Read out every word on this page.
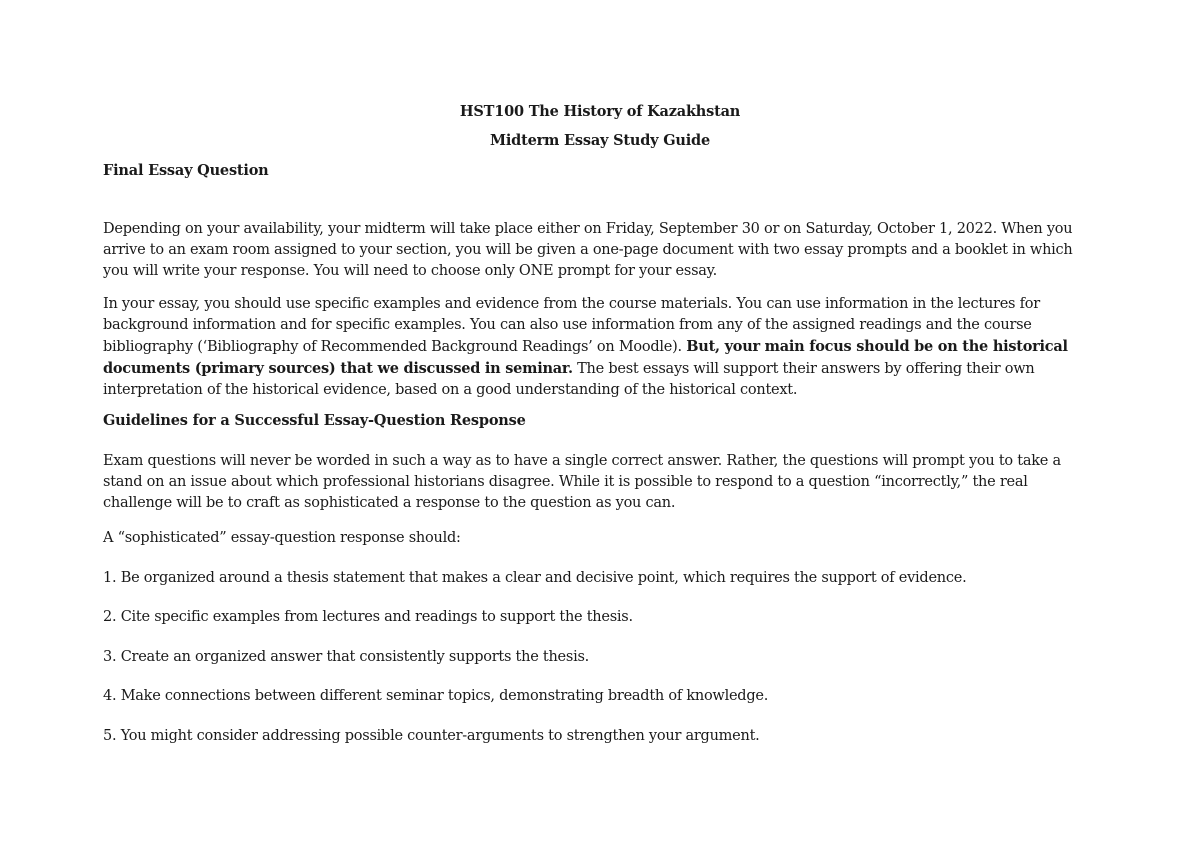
HST100 The History of Kazakhstan
Midterm Essay Study Guide
Final Essay Question

Depending on your availability, your midterm will take place either on Friday, September 30 or on Saturday, October 1, 2022. When you arrive to an exam room assigned to your section, you will be given a one-page document with two essay prompts and a booklet in which you will write your response. You will need to choose only ONE prompt for your essay.

In your essay, you should use specific examples and evidence from the course materials. You can use information in the lectures for background information and for specific examples. You can also use information from any of the assigned readings and the course bibliography (‘Bibliography of Recommended Background Readings’ on Moodle). But, your main focus should be on the historical documents (primary sources) that we discussed in seminar. The best essays will support their answers by offering their own interpretation of the historical evidence, based on a good understanding of the historical context.

Guidelines for a Successful Essay-Question Response

Exam questions will never be worded in such a way as to have a single correct answer. Rather, the questions will prompt you to take a stand on an issue about which professional historians disagree. While it is possible to respond to a question “incorrectly,” the real challenge will be to craft as sophisticated a response to the question as you can.

A “sophisticated” essay-question response should:
1. Be organized around a thesis statement that makes a clear and decisive point, which requires the support of evidence.
2. Cite specific examples from lectures and readings to support the thesis.
3. Create an organized answer that consistently supports the thesis.
4. Make connections between different seminar topics, demonstrating breadth of knowledge.
5. You might consider addressing possible counter-arguments to strengthen your argument.
